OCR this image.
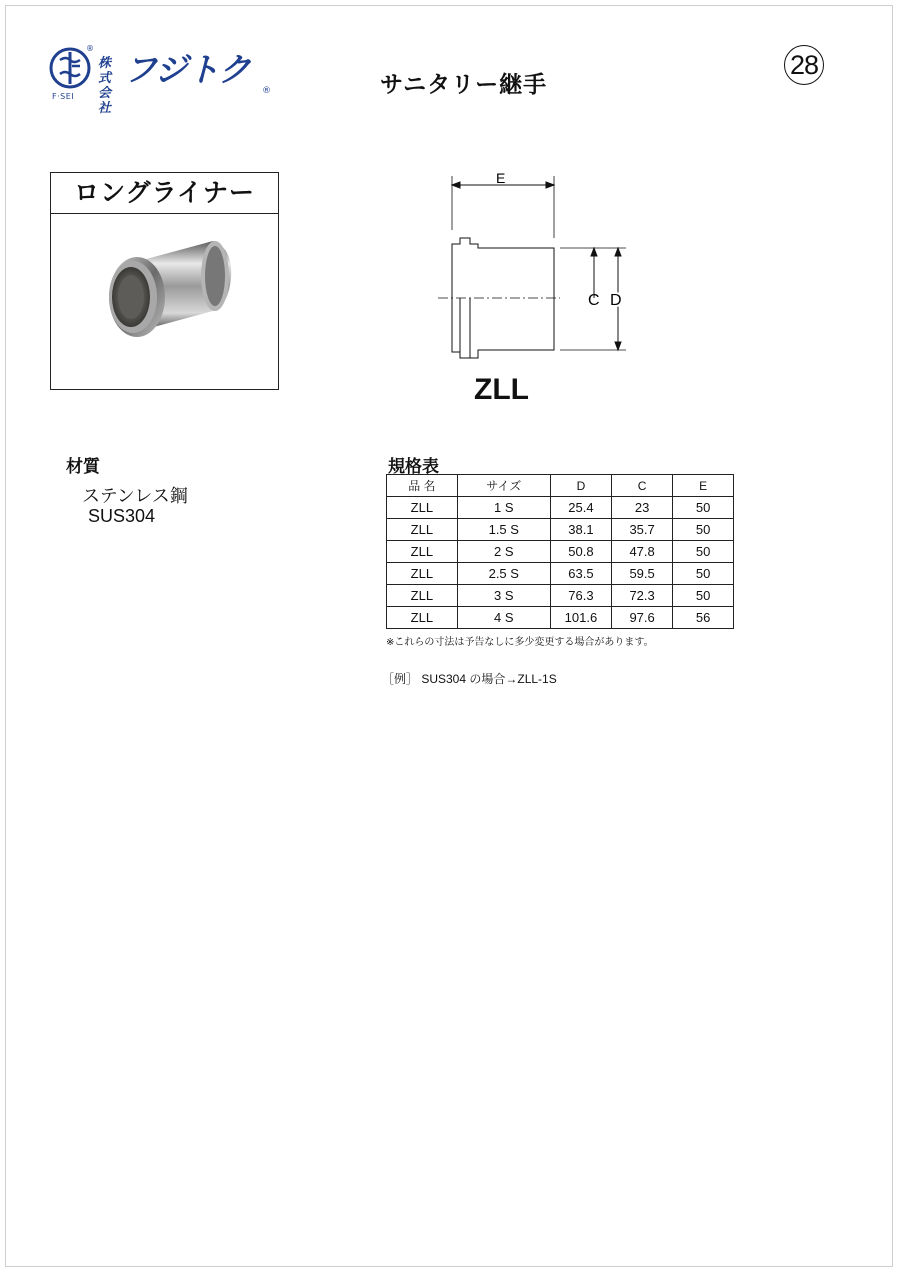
®
F·SEI
株式会社
フジトク
®	サニタリー継手
28
ロングライナー	E
C D
ZLL
材質
ステンレス鋼
SUS304
規格表
品 名	サイズ	D	C	E
ZLL	1 S	25.4	23	50
ZLL	1.5 S	38.1	35.7	50
ZLL	2 S	50.8	47.8	50
ZLL	2.5 S	63.5	59.5	50
ZLL	3 S	76.3	72.3	50
ZLL	4 S	101.6	97.6	56
※これらの寸法は予告なしに多少変更する場合があります。
［例］ SUS304 の場合→ZLL-1S
